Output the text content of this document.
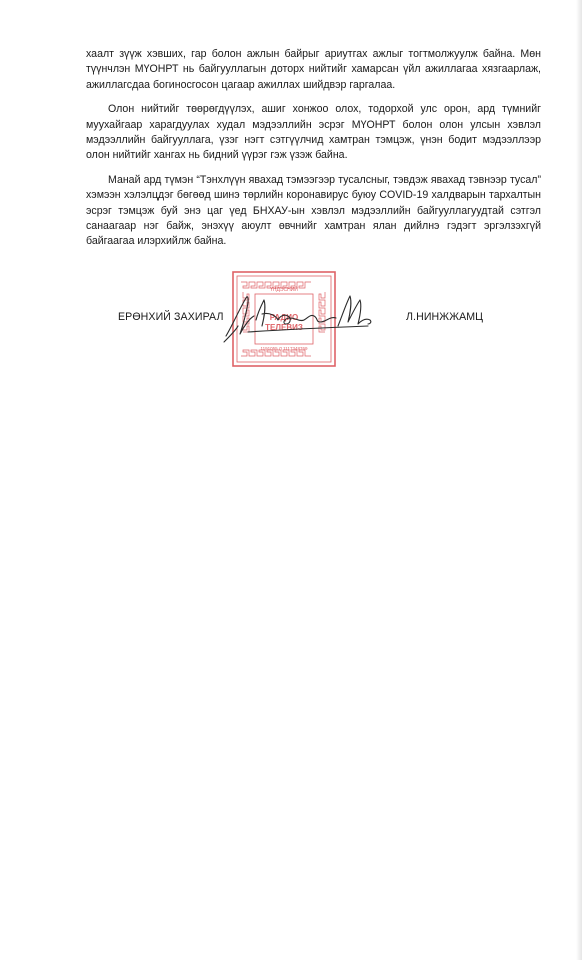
хаалт зүүж хэвших, гар болон ажлын байрыг ариутгах ажлыг тогтмолжуулж байна. Мөн түүнчлэн МҮОНРТ нь байгууллагын доторх нийтийг хамарсан үйл ажиллагаа хязгаарлаж, ажиллагсдаа богиносгосон цагаар ажиллах шийдвэр гаргалаа.

Олон нийтийг төөрөгдүүлэх, ашиг хонжоо олох, тодорхой улс орон, ард түмнийг муухайгаар харагдуулах худал мэдээллийн эсрэг МҮОНРТ болон олон улсын хэвлэл мэдээллийн байгууллага, үзэг нэгт сэтгүүлчид хамтран тэмцэж, үнэн бодит мэдээллээр олон нийтийг хангах нь бидний үүрэг гэж үзэж байна.

Манай ард түмэн “Тэнхлүүн явахад тэмээгээр тусалсныг, тэвдэж явахад тэвнээр тусал” хэмээн хэлэлцдэг бөгөөд шинэ төрлийн коронавирус буюу COVID-19 халдварын тархалтын эсрэг тэмцэж буй энэ цаг үед БНХАУ-ын хэвлэл мэдээллийн байгууллагуудтай сэтгэл санаагаар нэг байж, энэхүү аюулт өвчнийг хамтран ялан дийлнэ гэдэгт эргэлзэхгүй байгаагаа илэрхийлж байна.

ЕРӨНХИЙ ЗАХИРАЛ
ҮНДЭСНИЙ
РАДИО
ТЕЛЕВИЗ
1191055 Л 1117348769
Л.НИНЖЖАМЦ
